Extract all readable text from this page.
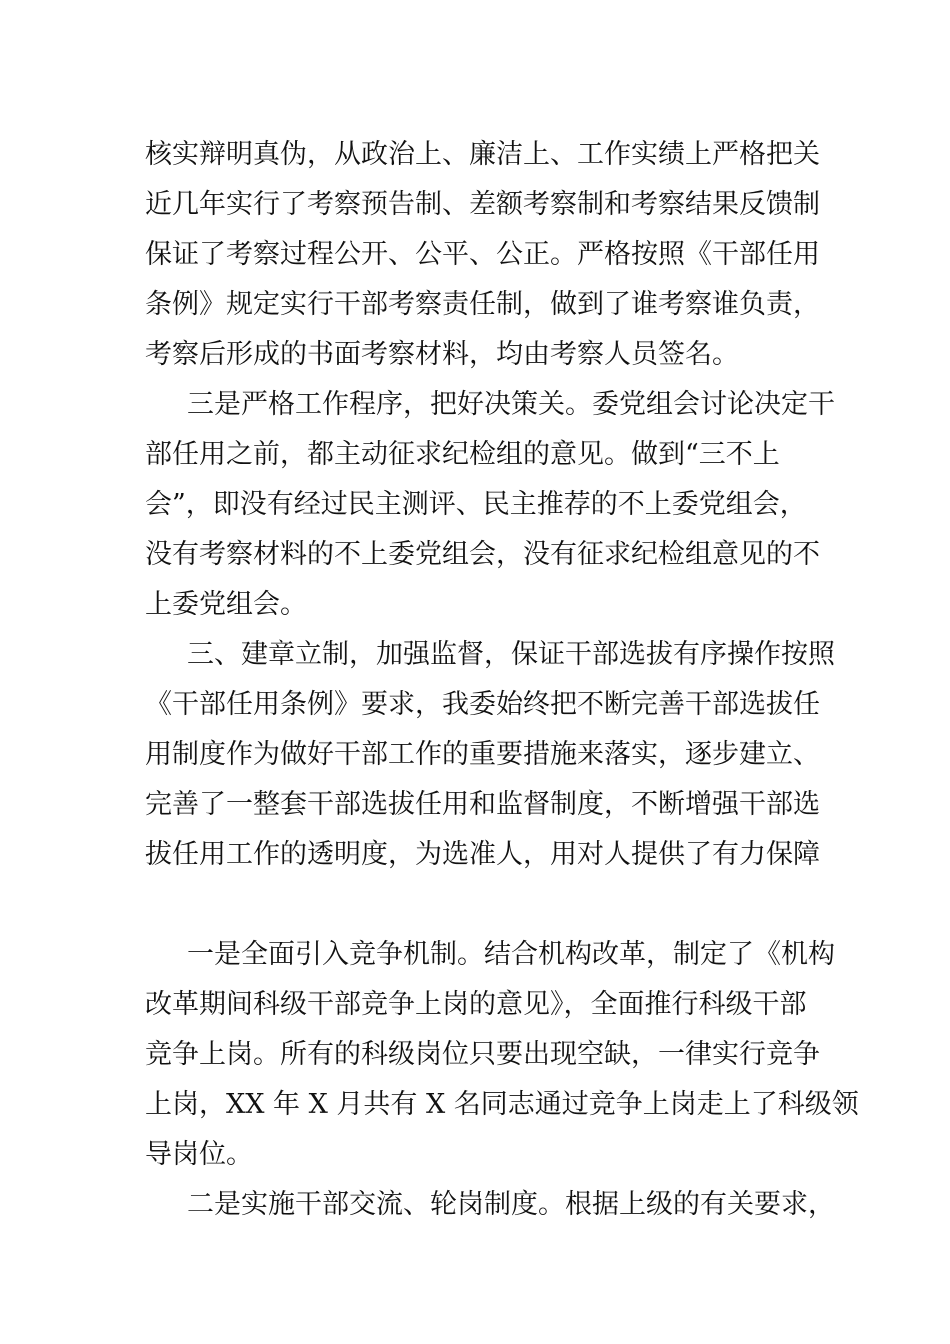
核实辩明真伪，从政治上、廉洁上、工作实绩上严格把关
近几年实行了考察预告制、差额考察制和考察结果反馈制
保证了考察过程公开、公平、公正。严格按照《干部任用
条例》规定实行干部考察责任制，做到了谁考察谁负责，
考察后形成的书面考察材料，均由考察人员签名。
三是严格工作程序，把好决策关。委党组会讨论决定干
部任用之前，都主动征求纪检组的意见。做到“三不上
会”，即没有经过民主测评、民主推荐的不上委党组会，
没有考察材料的不上委党组会，没有征求纪检组意见的不
上委党组会。
三、建章立制，加强监督，保证干部选拔有序操作按照
《干部任用条例》要求，我委始终把不断完善干部选拔任
用制度作为做好干部工作的重要措施来落实，逐步建立、
完善了一整套干部选拔任用和监督制度，不断增强干部选
拔任用工作的透明度，为选准人，用对人提供了有力保障
一是全面引入竞争机制。结合机构改革，制定了《机构
改革期间科级干部竞争上岗的意见》，全面推行科级干部
竞争上岗。所有的科级岗位只要出现空缺，一律实行竞争
上岗，XX 年 X 月共有 X 名同志通过竞争上岗走上了科级领
导岗位。
二是实施干部交流、轮岗制度。根据上级的有关要求，
